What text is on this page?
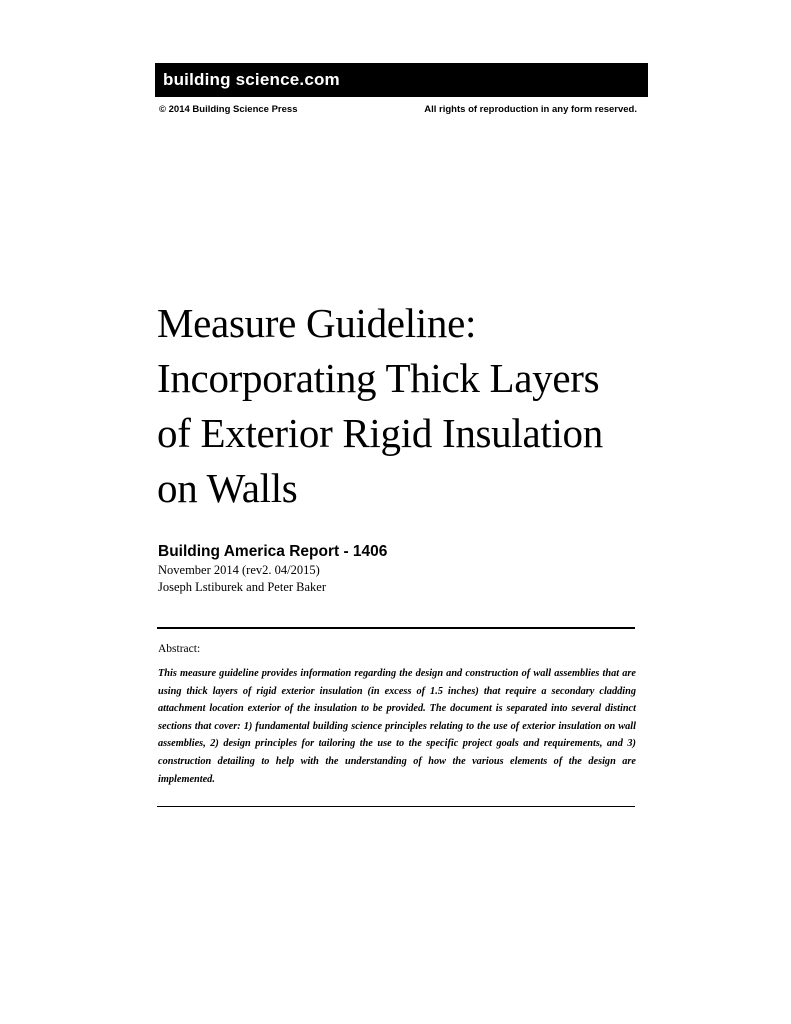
building science.com
© 2014 Building Science Press	All rights of reproduction in any form reserved.
Measure Guideline:
Incorporating Thick Layers
of Exterior Rigid Insulation
on Walls
Building America Report - 1406
November 2014 (rev2. 04/2015)
Joseph Lstiburek and Peter Baker
Abstract:

This measure guideline provides information regarding the design and construction of wall assemblies that are using thick layers of rigid exterior insulation (in excess of 1.5 inches) that require a secondary cladding attachment location exterior of the insulation to be provided. The document is separated into several distinct sections that cover: 1) fundamental building science principles relating to the use of exterior insulation on wall assemblies, 2) design principles for tailoring the use to the specific project goals and requirements, and 3) construction detailing to help with the understanding of how the various elements of the design are implemented.
